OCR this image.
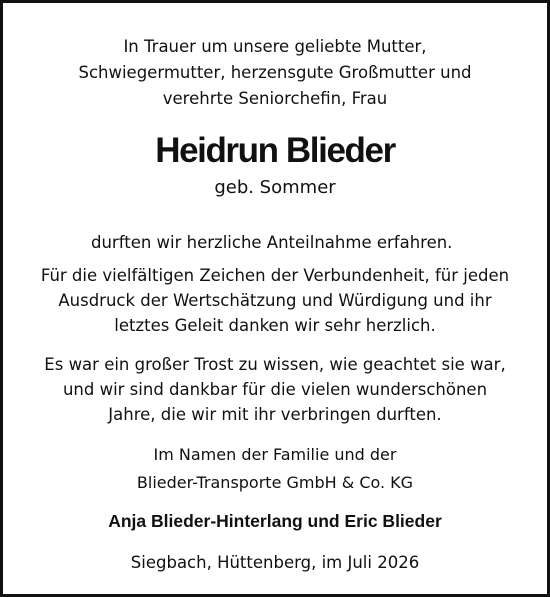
In Trauer um unsere geliebte Mutter,
Schwiegermutter, herzensgute Großmutter und
verehrte Seniorchefin, Frau
Heidrun Blieder
geb. Sommer
durften wir herzliche Anteilnahme erfahren.
Für die vielfältigen Zeichen der Verbundenheit, für jeden
Ausdruck der Wertschätzung und Würdigung und ihr
letztes Geleit danken wir sehr herzlich.
Es war ein großer Trost zu wissen, wie geachtet sie war,
und wir sind dankbar für die vielen wunderschönen
Jahre, die wir mit ihr verbringen durften.
Im Namen der Familie und der
Blieder-Transporte GmbH & Co. KG
Anja Blieder-Hinterlang und Eric Blieder
Siegbach, Hüttenberg, im Juli 2026
